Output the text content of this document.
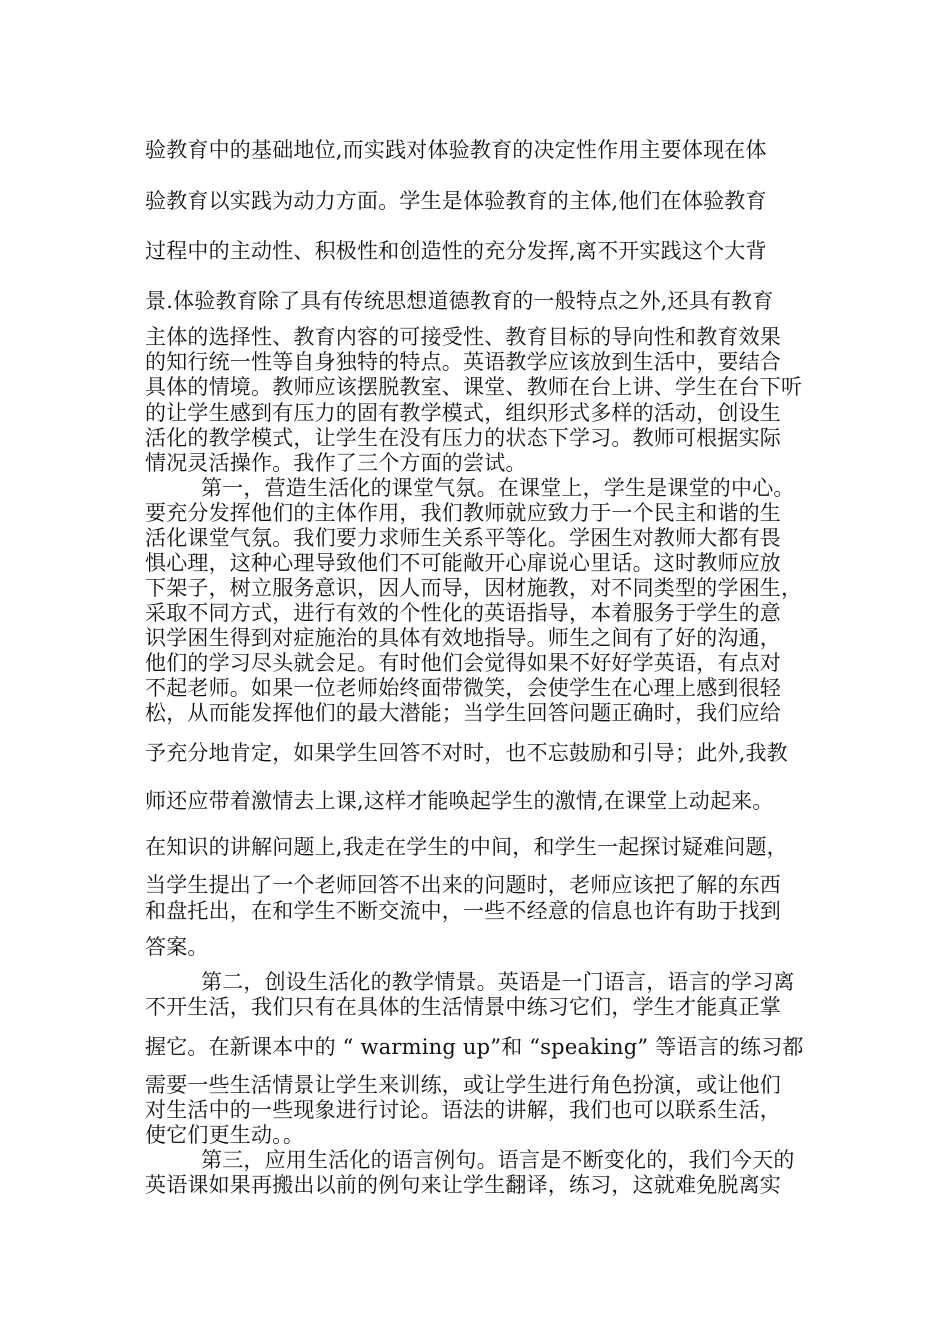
验教育中的基础地位,而实践对体验教育的决定性作用主要体现在体
验教育以实践为动力方面。学生是体验教育的主体,他们在体验教育
过程中的主动性、积极性和创造性的充分发挥,离不开实践这个大背
景.体验教育除了具有传统思想道德教育的一般特点之外,还具有教育
主体的选择性、教育内容的可接受性、教育目标的导向性和教育效果
的知行统一性等自身独特的特点。英语教学应该放到生活中，要结合
具体的情境。教师应该摆脱教室、课堂、教师在台上讲、学生在台下听
的让学生感到有压力的固有教学模式，组织形式多样的活动，创设生
活化的教学模式，让学生在没有压力的状态下学习。教师可根据实际
情况灵活操作。我作了三个方面的尝试。
第一，营造生活化的课堂气氛。在课堂上，学生是课堂的中心。
要充分发挥他们的主体作用，我们教师就应致力于一个民主和谐的生
活化课堂气氛。我们要力求师生关系平等化。学困生对教师大都有畏
惧心理，这种心理导致他们不可能敞开心扉说心里话。这时教师应放
下架子，树立服务意识，因人而导，因材施教，对不同类型的学困生，
采取不同方式，进行有效的个性化的英语指导，本着服务于学生的意
识学困生得到对症施治的具体有效地指导。师生之间有了好的沟通，
他们的学习尽头就会足。有时他们会觉得如果不好好学英语，有点对
不起老师。如果一位老师始终面带微笑，会使学生在心理上感到很轻
松，从而能发挥他们的最大潜能；当学生回答问题正确时，我们应给
予充分地肯定，如果学生回答不对时，也不忘鼓励和引导；此外,我教
师还应带着激情去上课,这样才能唤起学生的激情,在课堂上动起来。
在知识的讲解问题上,我走在学生的中间，和学生一起探讨疑难问题，
当学生提出了一个老师回答不出来的问题时，老师应该把了解的东西
和盘托出，在和学生不断交流中，一些不经意的信息也许有助于找到
答案。
第二，创设生活化的教学情景。英语是一门语言，语言的学习离
不开生活，我们只有在具体的生活情景中练习它们，学生才能真正掌
握它。在新课本中的 “ warming up”和 “speaking” 等语言的练习都
需要一些生活情景让学生来训练，或让学生进行角色扮演，或让他们
对生活中的一些现象进行讨论。语法的讲解，我们也可以联系生活，
使它们更生动。。
第三，应用生活化的语言例句。语言是不断变化的，我们今天的
英语课如果再搬出以前的例句来让学生翻译，练习，这就难免脱离实
